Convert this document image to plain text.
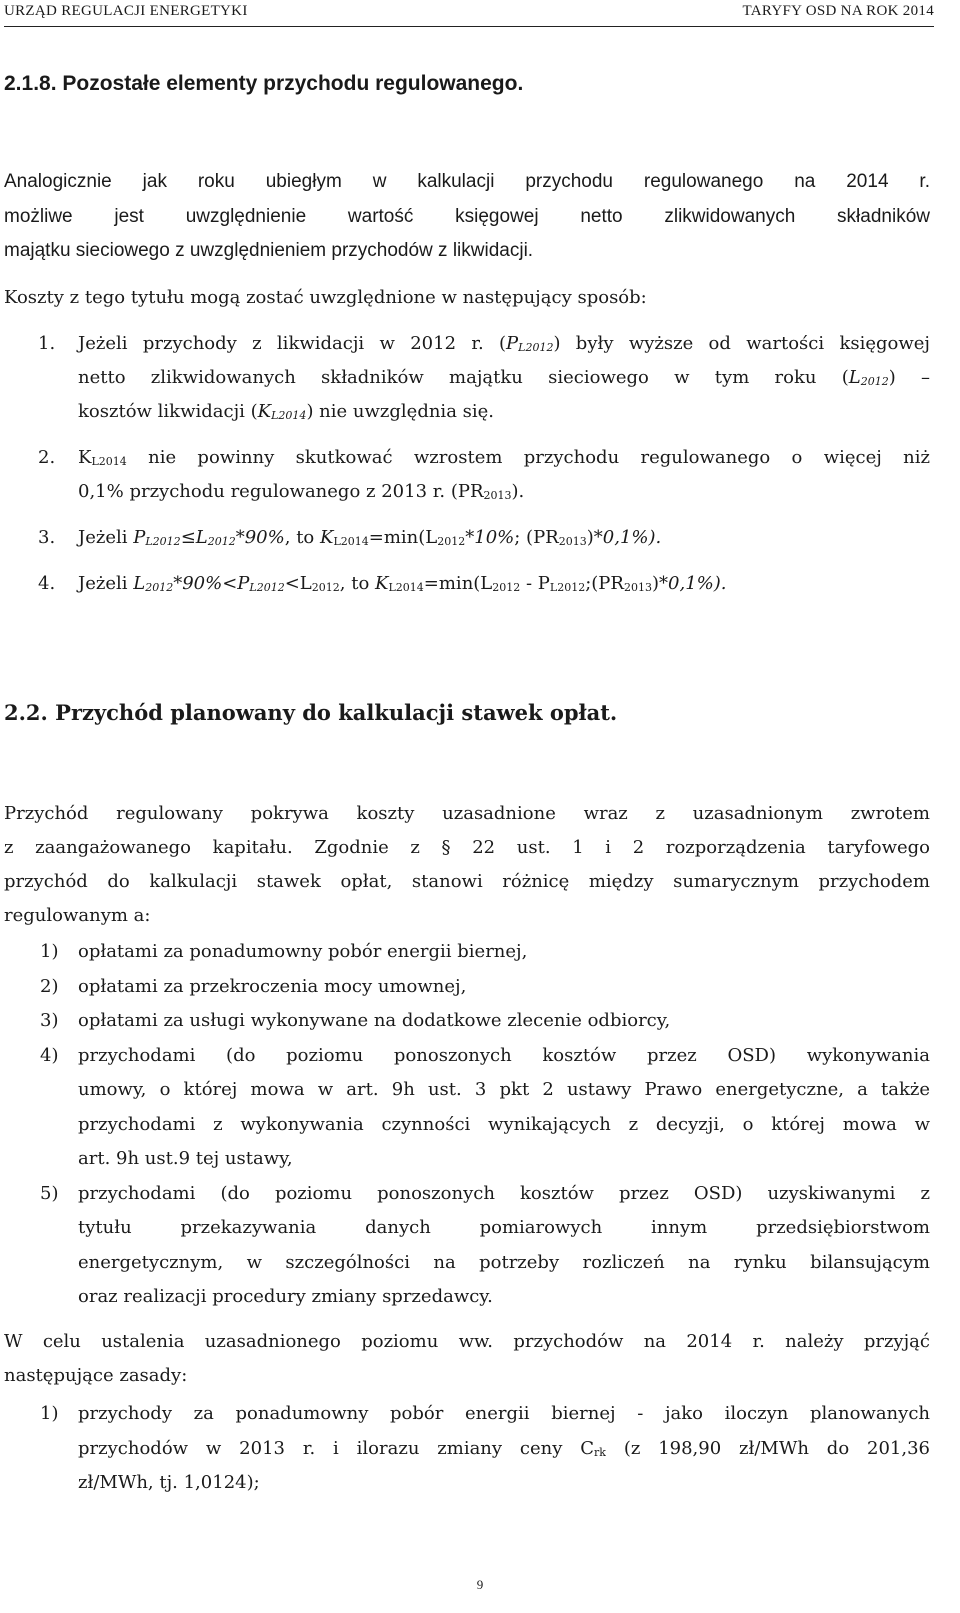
URZĄD REGULACJI ENERGETYKI	TARYFY OSD NA ROK 2014
2.1.8. Pozostałe elementy przychodu regulowanego.
Analogicznie jak roku ubiegłym w kalkulacji przychodu regulowanego na 2014 r.
możliwe jest uwzględnienie wartość księgowej netto zlikwidowanych składników
majątku sieciowego z uwzględnieniem przychodów z likwidacji.
Koszty z tego tytułu mogą zostać uwzględnione w następujący sposób:
1. Jeżeli przychody z likwidacji w 2012 r. $(P_{L2012})$ były wyższe od wartości księgowej
netto zlikwidowanych składników majątku sieciowego w tym roku $(L_{2012})$ –
kosztów likwidacji $(K_{L2014})$ nie uwzględnia się.
2. $K_{L2014}$ nie powinny skutkować wzrostem przychodu regulowanego o więcej niż
0,1% przychodu regulowanego z 2013 r. $(PR_{2013})$.
3. Jeżeli $P_{L2012}\le L_{2012}*90\%$, to $K_{L2014}=\min(L_{2012}*10\%$; $(PR_{2013})*0,1\%$).
4. Jeżeli $L_{2012}*90\%<P_{L2012}<L_{2012}$, to $K_{L2014}=\min(L_{2012}$ - $P_{L2012};(PR_{2013})*0,1\%$).
2.2. Przychód planowany do kalkulacji stawek opłat.
Przychód regulowany pokrywa koszty uzasadnione wraz z uzasadnionym zwrotem
z zaangażowanego kapitału. Zgodnie z § 22 ust. 1 i 2 rozporządzenia taryfowego
przychód do kalkulacji stawek opłat, stanowi różnicę między sumarycznym przychodem
regulowanym a:
1) opłatami za ponadumowny pobór energii biernej,
2) opłatami za przekroczenia mocy umownej,
3) opłatami za usługi wykonywane na dodatkowe zlecenie odbiorcy,
4) przychodami (do poziomu ponoszonych kosztów przez OSD) wykonywania
umowy, o której mowa w art. 9h ust. 3 pkt 2 ustawy Prawo energetyczne, a także
przychodami z wykonywania czynności wynikających z decyzji, o której mowa w
art. 9h ust.9 tej ustawy,
5) przychodami (do poziomu ponoszonych kosztów przez OSD) uzyskiwanymi z
tytułu przekazywania danych pomiarowych innym przedsiębiorstwom
energetycznym, w szczególności na potrzeby rozliczeń na rynku bilansującym
oraz realizacji procedury zmiany sprzedawcy.
W celu ustalenia uzasadnionego poziomu ww. przychodów na 2014 r. należy przyjąć
następujące zasady:
1) przychody za ponadumowny pobór energii biernej - jako iloczyn planowanych
przychodów w 2013 r. i ilorazu zmiany ceny $C_{rk}$ (z 198,90 zł/MWh do 201,36
zł/MWh, tj. 1,0124);
9
